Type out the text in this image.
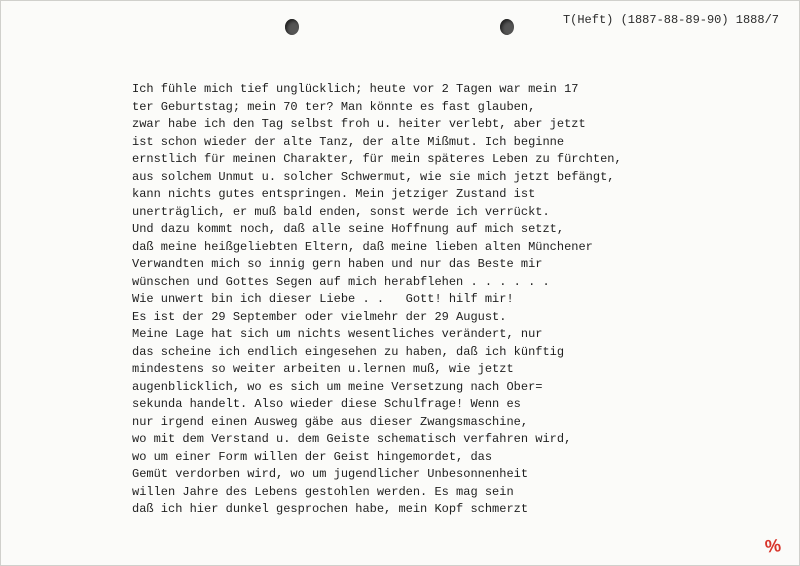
T(Heft) (1887-88-89-90) 1888/7
Ich fühle mich tief unglücklich; heute vor 2 Tagen war mein 17
ter Geburtstag; mein 70 ter? Man könnte es fast glauben,
zwar habe ich den Tag selbst froh u. heiter verlebt, aber jetzt
ist schon wieder der alte Tanz, der alte Mißmut. Ich beginne
ernstlich für meinen Charakter, für mein späteres Leben zu fürchten,
aus solchem Unmut u. solcher Schwermut, wie sie mich jetzt befängt,
kann nichts gutes entspringen. Mein jetziger Zustand ist
unerträglich, er muß bald enden, sonst werde ich verrückt.
Und dazu kommt noch, daß alle seine Hoffnung auf mich setzt,
daß meine heißgeliebten Eltern, daß meine lieben alten Münchener
Verwandten mich so innig gern haben und nur das Beste mir
wünschen und Gottes Segen auf mich herabflehen . . . . . .
Wie unwert bin ich dieser Liebe . .   Gott! hilf mir!
Es ist der 29 September oder vielmehr der 29 August.
Meine Lage hat sich um nichts wesentliches verändert, nur
das scheine ich endlich eingesehen zu haben, daß ich künftig
mindestens so weiter arbeiten u.lernen muß, wie jetzt
augenblicklich, wo es sich um meine Versetzung nach Ober=
sekunda handelt. Also wieder diese Schulfrage! Wenn es
nur irgend einen Ausweg gäbe aus dieser Zwangsmaschine,
wo mit dem Verstand u. dem Geiste schematisch verfahren wird,
wo um einer Form willen der Geist hingemordet, das
Gemüt verdorben wird, wo um jugendlicher Unbesonnenheit
willen Jahre des Lebens gestohlen werden. Es mag sein
daß ich hier dunkel gesprochen habe, mein Kopf schmerzt
%
